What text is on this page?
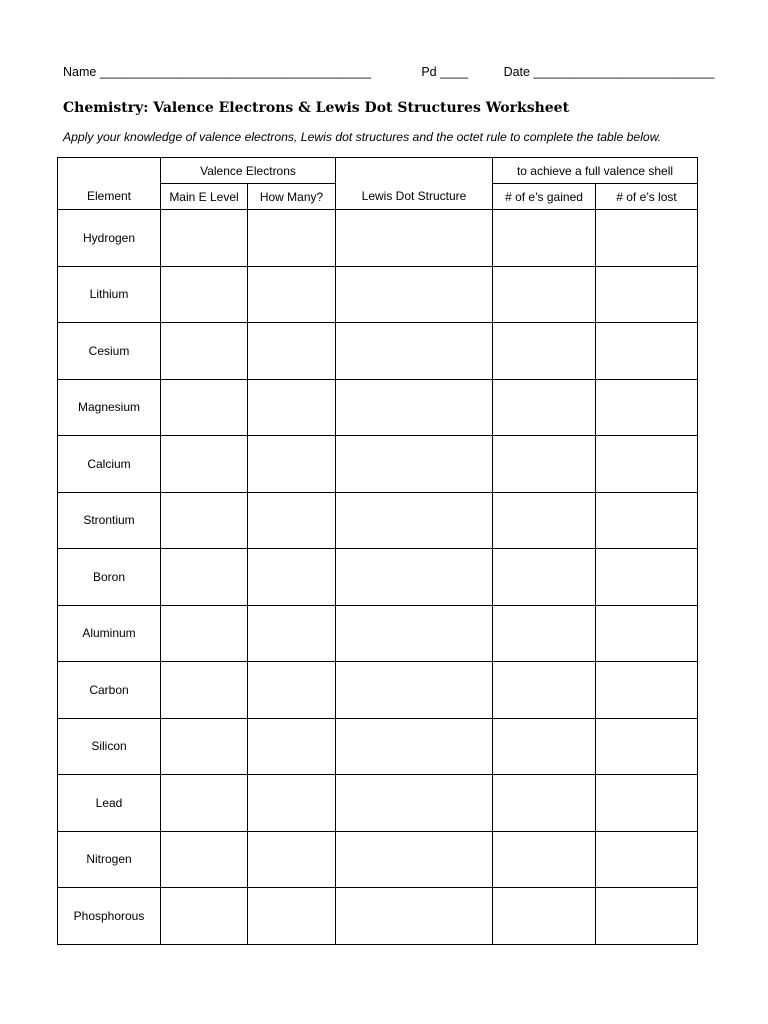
Name _______________________________________	Pd ____	Date __________________________
Chemistry: Valence Electrons & Lewis Dot Structures Worksheet
Apply your knowledge of valence electrons, Lewis dot structures and the octet rule to complete the table below.
	Valence Electrons			to achieve a full valence shell	
Element	Main E Level	How Many?	Lewis Dot Structure	# of e’s gained	# of e’s lost
Hydrogen					
Lithium					
Cesium					
Magnesium					
Calcium					
Strontium					
Boron					
Aluminum					
Carbon					
Silicon					
Lead					
Nitrogen					
Phosphorous					
